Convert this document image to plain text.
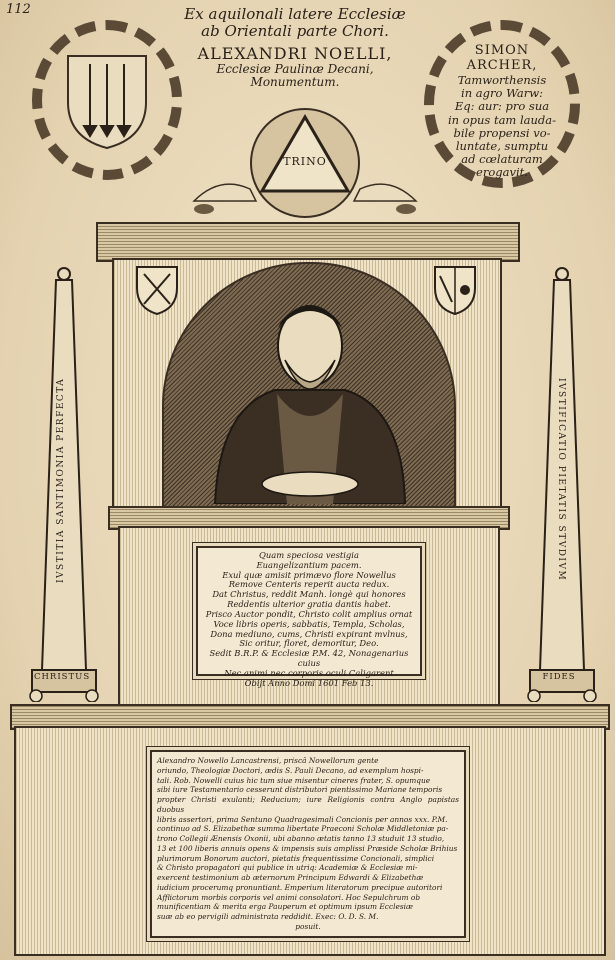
112	Ex aquilonali latere Ecclesiæ
ab Orientali parte Chori.
ALEXANDRI NOELLI,
Ecclesiæ Paulinæ Decani,
Monumentum.
SIMON
ARCHER,
Tamworthensis
in agro Warw:
Eq: aur: pro sua
in opus tam lauda-
bile propensi vo-
luntate, sumptu
ad cœlaturam
erogavit.
TRINO
Quam speciosa vestigia
Euangelizantium pacem.
Exul quæ amisit primævo flore Nowellus
Remove Centeris reperit aucta redux.
Dat Christus, reddit Manh. longè qui honores
Reddentis ulterior gratia dantis habet.
Prisco Auctor pondit, Christo colit amplius ornat
Voce libris operis, sabbatis, Templa, Scholas,
Dona mediuno, cums, Christi expirant mvlnus,
Sic oritur, floret, demoritur, Deo.
Sedit B.R.P. & Ecclesiæ P.M. 42, Nonagenarius cuius
Nec animi nec corporis oculi Caligarent
Obijt Anno Domi 1601 Feb 13.
IVSTITIA SANTIMONIA PERFECTA
CHRISTUS
IVSTIFICATIO PIETATIS STVDIVM
FIDES
Alexandro Nowello Lancastrensi, priscâ Nowellorum gente
oriundo, Theologiæ Doctori, ædis S. Pauli Decano, ad exemplum hospi-
tali. Rob. Nowelli cuius hic tum siue misentur cineres frater, S. opumque
sibi iure Testamentario cesserunt distributori pientissimo Mariane temporis
propter Christi exulanti; Reducium; iure Religionis contra Anglo papistas duobus
libris assertori, prima Sentuno Quadragesimali Concionis per annos xxx. P.M.
continuo ad S. Elizabethæ summa libertate Praeconi Scholæ Middletoniæ pa-
trono Collegii Ænensis Oxonii, ubi abanno ætatis tanno 13 studuit 13 studio,
13 et 100 liberis annuis opens & impensis suis amplissi Præside Scholæ Brihius
plurimorum Bonorum auctori, pietatis frequentissime Concionali, simplici
& Christo propagatori qui publice in utriq: Academiæ & Ecclesiæ mi-
exercent testimonium ab æternorum Principum Edwardi & Elizabethæ
iudicium procerumq pronuntiant. Emperium literatorum precipue autoritori
Afflictorum morbis corporis vel animi consolatori. Hoc Sepulchrum ob
munificentiam & merita erga Pauperum et optimum ipsum Ecclesiæ
suæ ab eo pervigili administrata reddidit. Exec: O. D. S. M.
posuit.
